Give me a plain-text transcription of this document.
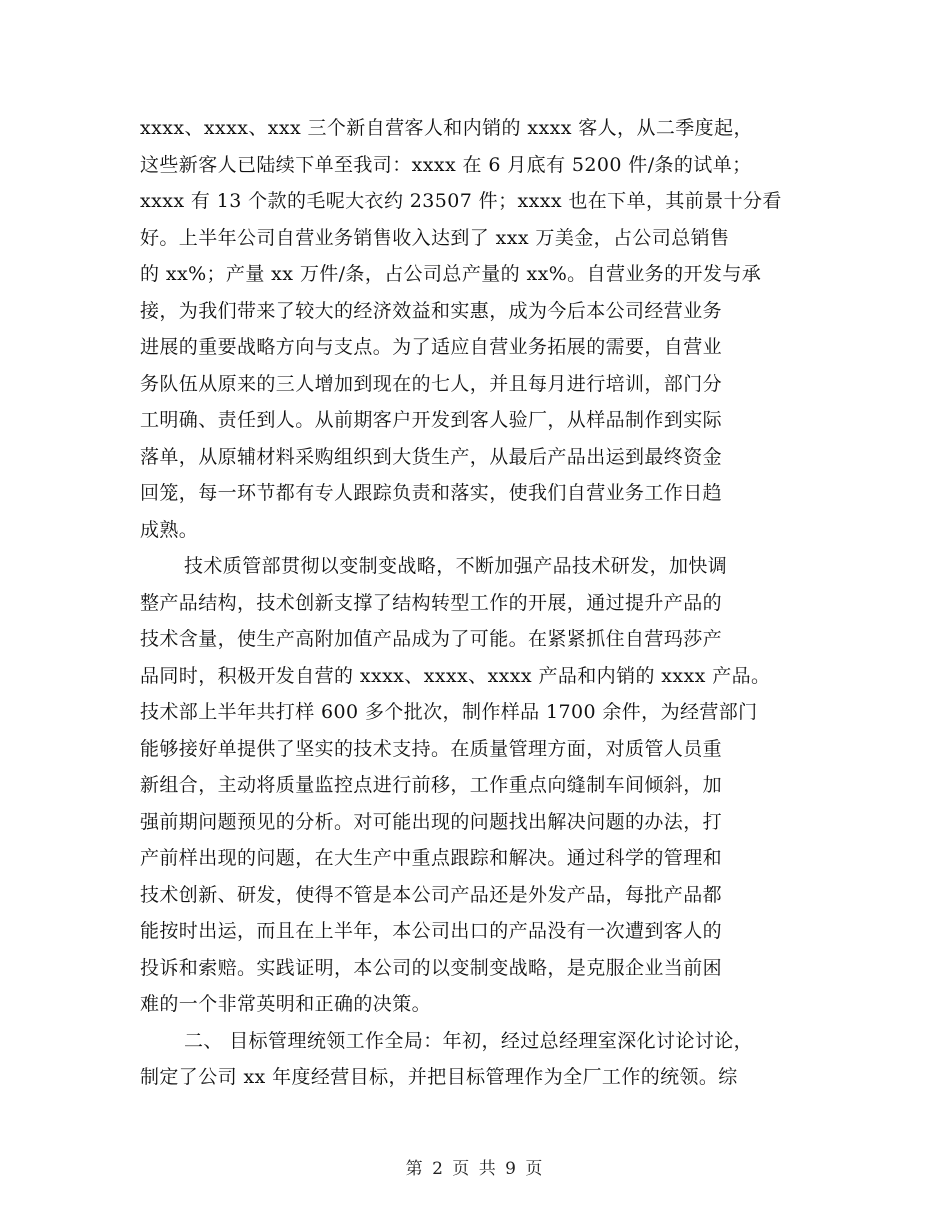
xxxx、xxxx、xxx 三个新自营客人和内销的 xxxx 客人，从二季度起，
这些新客人已陆续下单至我司：xxxx 在 6 月底有 5200 件/条的试单；
xxxx 有 13 个款的毛呢大衣约 23507 件；xxxx 也在下单，其前景十分看
好。上半年公司自营业务销售收入达到了 xxx 万美金，占公司总销售
的 xx%；产量 xx 万件/条，占公司总产量的 xx%。自营业务的开发与承
接，为我们带来了较大的经济效益和实惠，成为今后本公司经营业务
进展的重要战略方向与支点。为了适应自营业务拓展的需要，自营业
务队伍从原来的三人增加到现在的七人，并且每月进行培训，部门分
工明确、责任到人。从前期客户开发到客人验厂，从样品制作到实际
落单，从原辅材料采购组织到大货生产，从最后产品出运到最终资金
回笼，每一环节都有专人跟踪负责和落实，使我们自营业务工作日趋
成熟。
技术质管部贯彻以变制变战略，不断加强产品技术研发，加快调
整产品结构，技术创新支撑了结构转型工作的开展，通过提升产品的
技术含量，使生产高附加值产品成为了可能。在紧紧抓住自营玛莎产
品同时，积极开发自营的 xxxx、xxxx、xxxx 产品和内销的 xxxx 产品。
技术部上半年共打样 600 多个批次，制作样品 1700 余件，为经营部门
能够接好单提供了坚实的技术支持。在质量管理方面，对质管人员重
新组合，主动将质量监控点进行前移，工作重点向缝制车间倾斜，加
强前期问题预见的分析。对可能出现的问题找出解决问题的办法，打
产前样出现的问题，在大生产中重点跟踪和解决。通过科学的管理和
技术创新、研发，使得不管是本公司产品还是外发产品，每批产品都
能按时出运，而且在上半年，本公司出口的产品没有一次遭到客人的
投诉和索赔。实践证明，本公司的以变制变战略，是克服企业当前困
难的一个非常英明和正确的决策。
二、 目标管理统领工作全局：年初，经过总经理室深化讨论讨论，
制定了公司 xx 年度经营目标，并把目标管理作为全厂工作的统领。综
第 2 页 共 9 页
